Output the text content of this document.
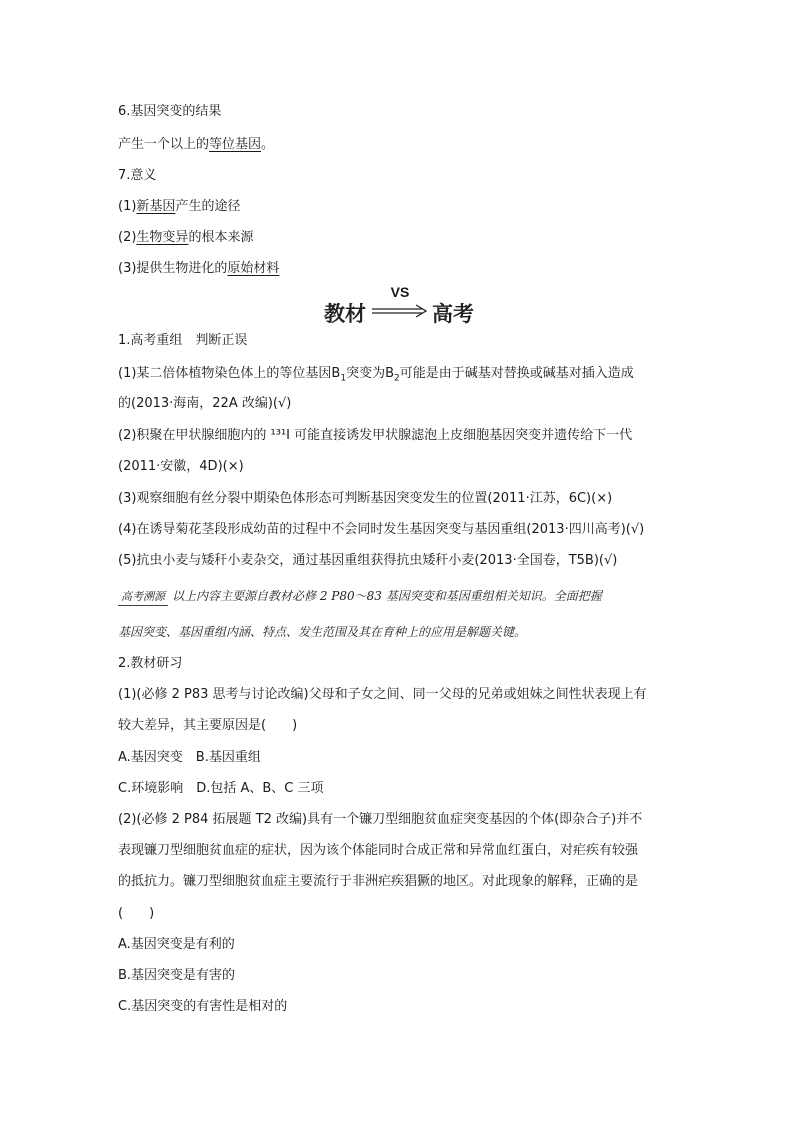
6.基因突变的结果
产生一个以上的等位基因。
7.意义
(1)新基因产生的途径
(2)生物变异的根本来源
(3)提供生物进化的原始材料
教材
VS
高考
1.高考重组　判断正误
(1)某二倍体植物染色体上的等位基因$B_1$突变为$B_2$可能是由于碱基对替换或碱基对插入造成
的(2013·海南，22A 改编)(√)
(2)积聚在甲状腺细胞内的 ¹³¹I 可能直接诱发甲状腺滤泡上皮细胞基因突变并遗传给下一代
(2011·安徽，4D)(×)
(3)观察细胞有丝分裂中期染色体形态可判断基因突变发生的位置(2011·江苏，6C)(×)
(4)在诱导菊花茎段形成幼苗的过程中不会同时发生基因突变与基因重组(2013·四川高考)(√)
(5)抗虫小麦与矮秆小麦杂交，通过基因重组获得抗虫矮秆小麦(2013·全国卷，T5B)(√)
高考溯源 以上内容主要源自教材必修 2 P80～83 基因突变和基因重组相关知识。全面把握
基因突变、基因重组内涵、特点、发生范围及其在育种上的应用是解题关键。
2.教材研习
(1)(必修 2 P83 思考与讨论改编)父母和子女之间、同一父母的兄弟或姐妹之间性状表现上有
较大差异，其主要原因是( )
A.基因突变　B.基因重组
C.环境影响　D.包括 A、B、C 三项
(2)(必修 2 P84 拓展题 T2 改编)具有一个镰刀型细胞贫血症突变基因的个体(即杂合子)并不
表现镰刀型细胞贫血症的症状，因为该个体能同时合成正常和异常血红蛋白，对疟疾有较强
的抵抗力。镰刀型细胞贫血症主要流行于非洲疟疾猖獗的地区。对此现象的解释，正确的是
( )
A.基因突变是有利的
B.基因突变是有害的
C.基因突变的有害性是相对的
